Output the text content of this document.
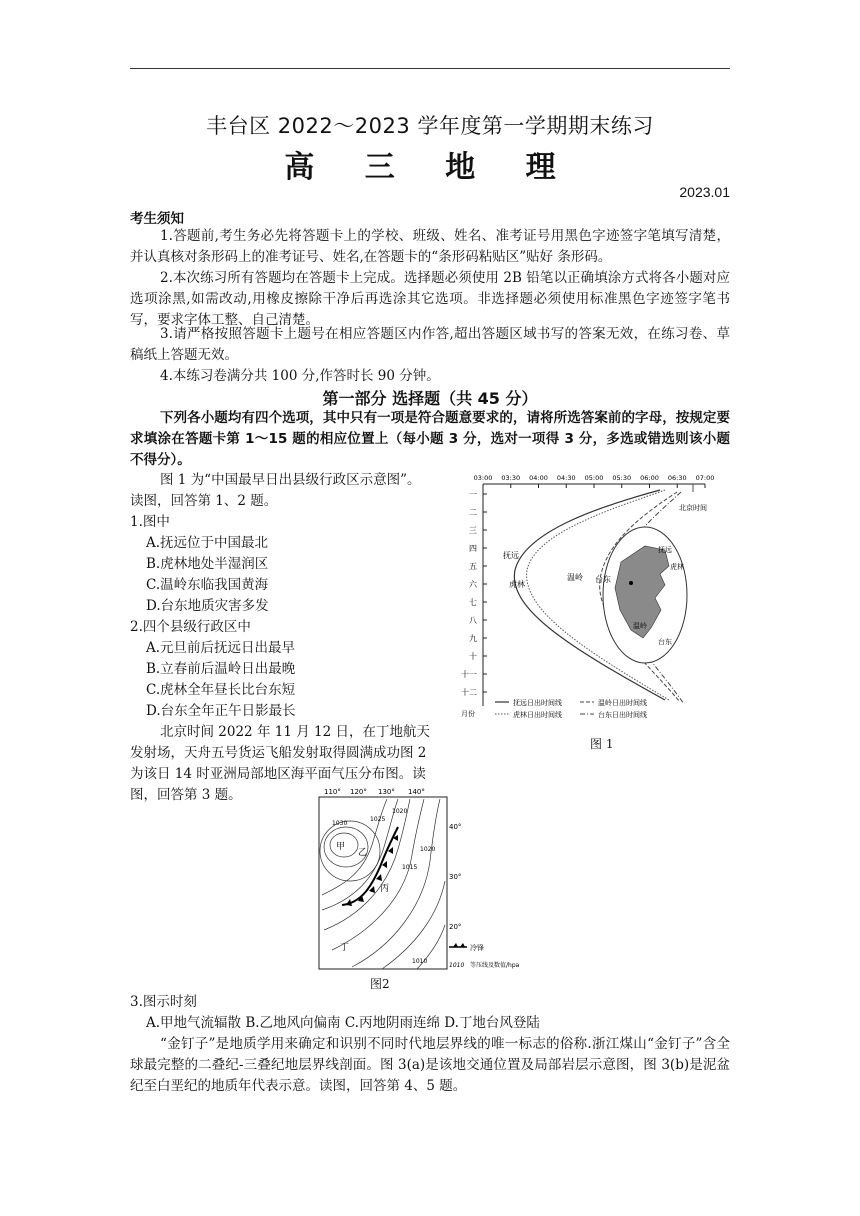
丰台区 2022～2023 学年度第一学期期末练习
高 三 地 理
2023.01
考生须知
1.答题前,考生务必先将答题卡上的学校、班级、姓名、准考证号用黑色字迹签字笔填写清楚，并认真核对条形码上的准考证号、姓名,在答题卡的“条形码粘贴区”贴好 条形码。
2.本次练习所有答题均在答题卡上完成。选择题必须使用 2B 铅笔以正确填涂方式将各小题对应选项涂黑,如需改动,用橡皮擦除干净后再选涂其它选项。非选择题必须使用标准黑色字迹签字笔书写，要求字体工整、自己清楚。
3.请严格按照答题卡上题号在相应答题区内作答,超出答题区域书写的答案无效，在练习卷、草稿纸上答题无效。
4.本练习卷满分共 100 分,作答时长 90 分钟。
第一部分 选择题（共 45 分）
下列各小题均有四个选项，其中只有一项是符合题意要求的，请将所选答案前的字母，按规定要求填涂在答题卡第 1～15 题的相应位置上（每小题 3 分，选对一项得 3 分，多选或错选则该小题不得分）。
图 1 为“中国最早日出县级行政区示意图”。读图，回答第 1、2 题。
1.图中
A.抚远位于中国最北
B.虎林地处半湿润区
C.温岭东临我国黄海
D.台东地质灾害多发
2.四个县级行政区中
A.元旦前后抚远日出最早
B.立春前后温岭日出最晚
C.虎林全年昼长比台东短
D.台东全年正午日影最长
北京时间 2022 年 11 月 12 日，在丁地航天发射场，天舟五号货运飞船发射取得圆满成功图 2 为该日 14 时亚洲局部地区海平面气压分布图。读图，回答第 3 题。
03:00 03:30 04:00 04:30 05:00 05:30 06:00 06:30 07:00
一
二
三
四
五
六
七
八
九
十
十一
十二
北京时间
月份
抚远
虎林
温岭 台东
抚远
虎林
温岭
台东
抚远日出时间线	温岭日出时间线
虎林日出时间线	台东日出时间线
图 1
110° 120° 130° 140°
40°
30°
20°
甲
乙
丙
丁
1030
1025
1020
1015
1020
1010
冷锋
1010 等压线及数值/hpa
图2
3.图示时刻
A.甲地气流辐散 B.乙地风向偏南 C.丙地阴雨连绵 D.丁地台风登陆
“金钉子”是地质学用来确定和识别不同时代地层界线的唯一标志的俗称.浙江煤山“金钉子”含全球最完整的二叠纪-三叠纪地层界线剖面。图 3(a)是该地交通位置及局部岩层示意图，图 3(b)是泥盆纪至白垩纪的地质年代表示意。读图，回答第 4、5 题。
